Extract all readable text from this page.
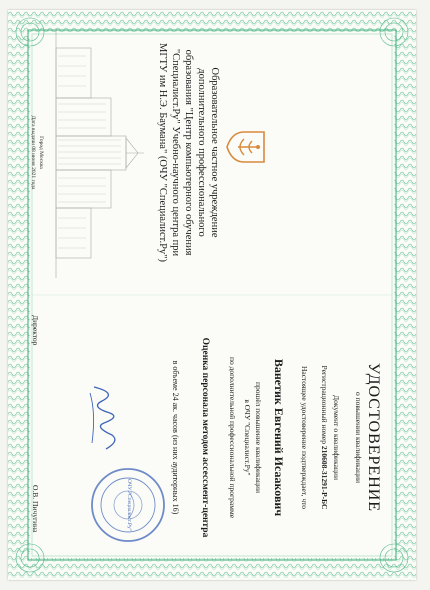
Образовательное частное учреждение
дополнительного профессионального
образования "Центр компьютерного обучения
"Специалист.Ру" Учебно-научного центра при
МГТУ им Н.Э. Баумана" (ОЧУ "Специалист.Ру")
Город Москва
Дата выдачи 08 июня 2021 года
УДОСТОВЕРЕНИЕ
о повышении квалификации
Документ о квалификации
Регистрационный номер 210608-31291-Р-БС
Настоящее удостоверение подтверждает, что
Ванетик Евгений Исаакович
прошёл повышение квалификации
в ОЧУ "Специалист.Ру"
по дополнительной профессиональной программе
Оценка персонала методом ассессмент-центра
в объеме 24 ак. часов (из них аудиторных 16)
ОЧУ "Специалист.Ру"
Директор
О.В. Пичугина
